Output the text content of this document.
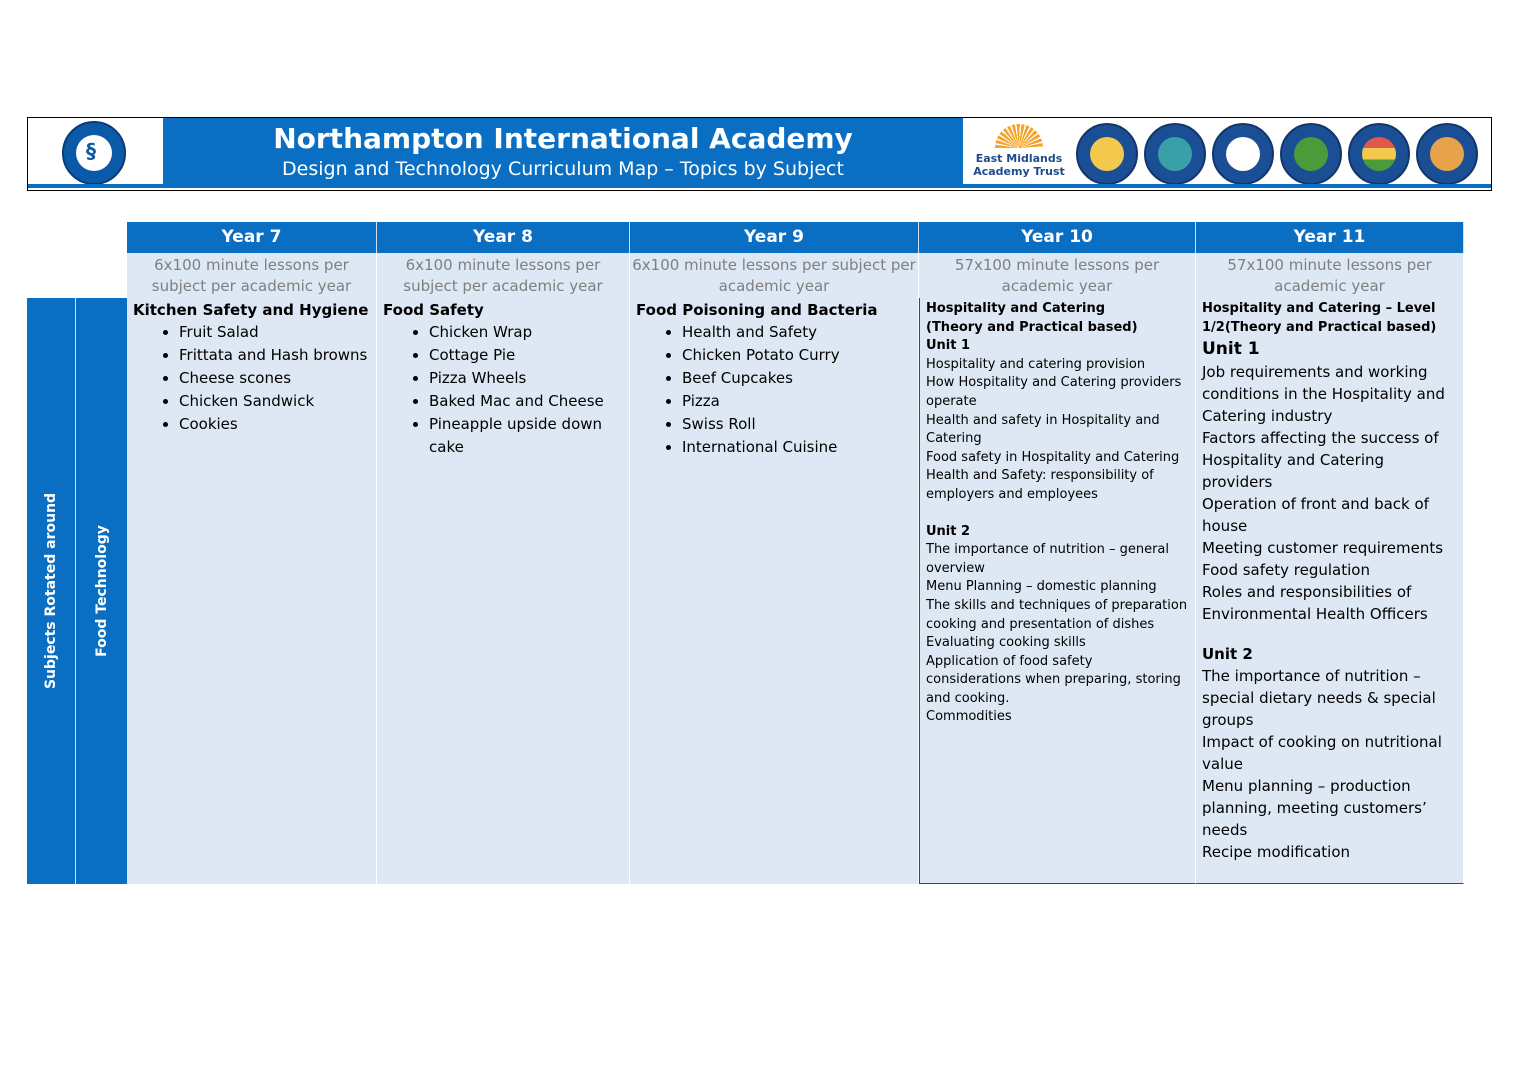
§	Northampton International Academy
Design and Technology Curriculum Map – Topics by Subject	East Midlands
Academy Trust
Subjects Rotated around Food Technology
Year 7
6x100 minute lessons per subject per academic year
Kitchen Safety and Hygiene
• Fruit Salad
• Frittata and Hash browns
• Cheese scones
• Chicken Sandwick
• Cookies
Year 8
6x100 minute lessons per subject per academic year
Food Safety
• Chicken Wrap
• Cottage Pie
• Pizza Wheels
• Baked Mac and Cheese
• Pineapple upside down cake
Year 9
6x100 minute lessons per subject per academic year
Food Poisoning and Bacteria
• Health and Safety
• Chicken Potato Curry
• Beef Cupcakes
• Pizza
• Swiss Roll
• International Cuisine
Year 10
57x100 minute lessons per academic year
Hospitality and Catering
(Theory and Practical based)
Unit 1
Hospitality and catering provision
How Hospitality and Catering providers operate
Health and safety in Hospitality and Catering
Food safety in Hospitality and Catering
Health and Safety: responsibility of employers and employees
Unit 2
The importance of nutrition – general overview
Menu Planning – domestic planning
The skills and techniques of preparation cooking and presentation of dishes
Evaluating cooking skills
Application of food safety considerations when preparing, storing and cooking.
Commodities
Year 11
57x100 minute lessons per academic year
Hospitality and Catering – Level 1/2(Theory and Practical based)
Unit 1
Job requirements and working conditions in the Hospitality and Catering industry
Factors affecting the success of Hospitality and Catering providers
Operation of front and back of house
Meeting customer requirements
Food safety regulation
Roles and responsibilities of Environmental Health Officers
Unit 2
The importance of nutrition – special dietary needs & special groups
Impact of cooking on nutritional value
Menu planning – production planning, meeting customers’ needs
Recipe modification
